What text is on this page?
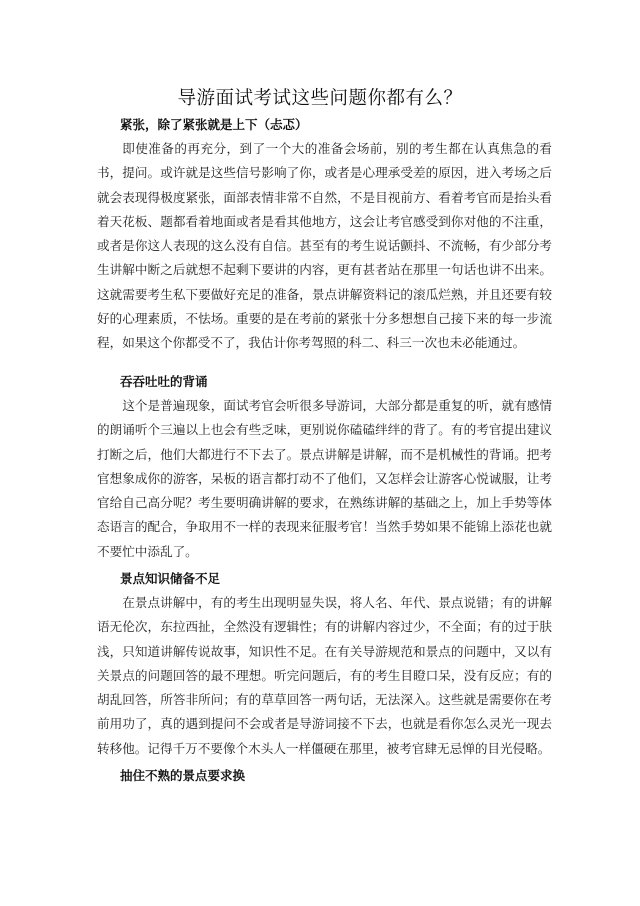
导游面试考试这些问题你都有么？
紧张，除了紧张就是上下（忐忑）

即使准备的再充分，到了一个大的准备会场前，别的考生都在认真焦急的看书，提问。或许就是这些信号影响了你，或者是心理承受差的原因，进入考场之后就会表现得极度紧张，面部表情非常不自然，不是目视前方、看着考官而是抬头看着天花板、题都看着地面或者是看其他地方，这会让考官感受到你对他的不注重，或者是你这人表现的这么没有自信。甚至有的考生说话颤抖、不流畅，有少部分考生讲解中断之后就想不起剩下要讲的内容，更有甚者站在那里一句话也讲不出来。这就需要考生私下要做好充足的准备，景点讲解资料记的滚瓜烂熟，并且还要有较好的心理素质，不怯场。重要的是在考前的紧张十分多想想自己接下来的每一步流程，如果这个你都受不了，我估计你考驾照的科二、科三一次也未必能通过。

吞吞吐吐的背诵

这个是普遍现象，面试考官会听很多导游词，大部分都是重复的听，就有感情的朗诵听个三遍以上也会有些乏味，更别说你磕磕绊绊的背了。有的考官提出建议打断之后，他们大都进行不下去了。景点讲解是讲解，而不是机械性的背诵。把考官想象成你的游客，呆板的语言都打动不了他们，又怎样会让游客心悦诚服，让考官给自己高分呢？考生要明确讲解的要求，在熟练讲解的基础之上，加上手势等体态语言的配合，争取用不一样的表现来征服考官！当然手势如果不能锦上添花也就不要忙中添乱了。

景点知识储备不足

在景点讲解中，有的考生出现明显失误，将人名、年代、景点说错；有的讲解语无伦次，东拉西扯，全然没有逻辑性；有的讲解内容过少，不全面；有的过于肤浅，只知道讲解传说故事，知识性不足。在有关导游规范和景点的问题中，又以有关景点的问题回答的最不理想。听完问题后，有的考生目瞪口呆，没有反应；有的胡乱回答，所答非所问；有的草草回答一两句话，无法深入。这些就是需要你在考前用功了，真的遇到提问不会或者是导游词接不下去，也就是看你怎么灵光一现去转移他。记得千万不要像个木头人一样僵硬在那里，被考官肆无忌惮的目光侵略。

抽住不熟的景点要求换
